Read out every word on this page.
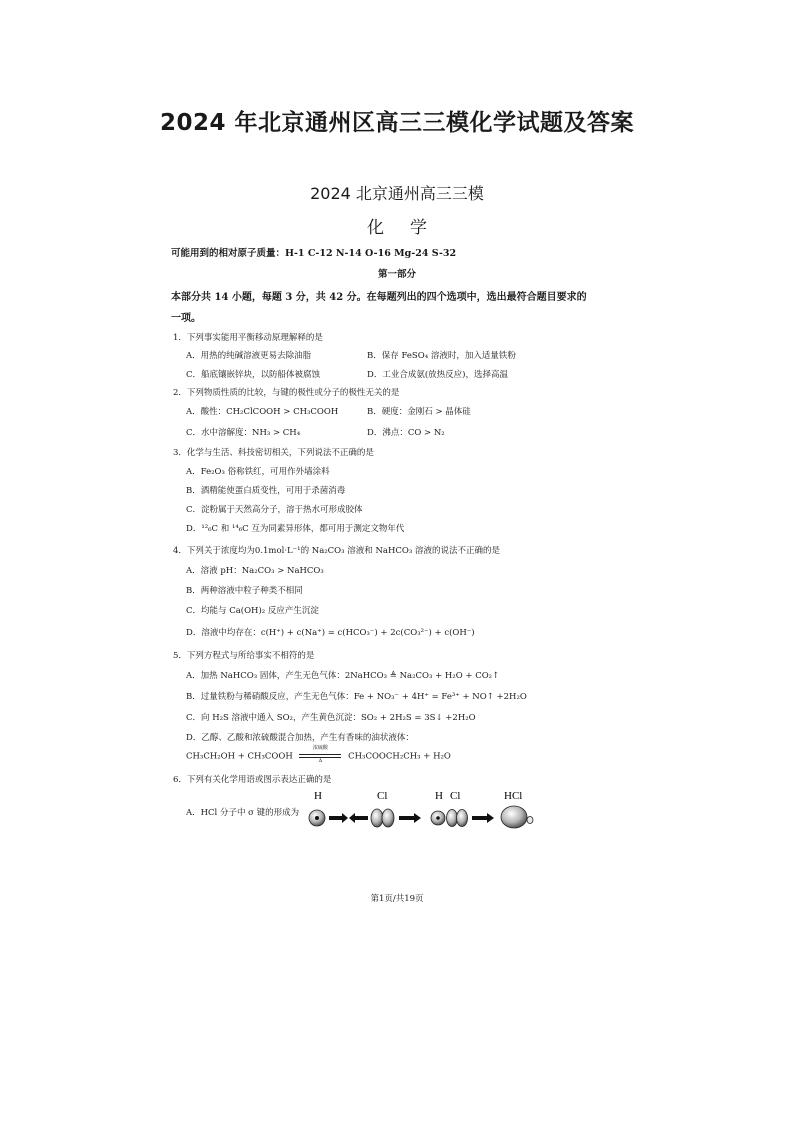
2024 年北京通州区高三三模化学试题及答案
2024 北京通州高三三模
化学
可能用到的相对原子质量：H-1 C-12 N-14 O-16 Mg-24 S-32
第一部分
本部分共 14 小题，每题 3 分，共 42 分。在每题列出的四个选项中，选出最符合题目要求的
一项。
1．下列事实能用平衡移动原理解释的是
A．用热的纯碱溶液更易去除油脂	B．保存 FeSO₄ 溶液时，加入适量铁粉
C．船底镶嵌锌块，以防船体被腐蚀	D．工业合成氨(放热反应)，选择高温
2．下列物质性质的比较，与键的极性或分子的极性无关的是
A．酸性：CH₂ClCOOH > CH₃COOH	B．硬度：金刚石 > 晶体硅
C．水中溶解度：NH₃ > CH₄	D．沸点：CO > N₂
3．化学与生活、科技密切相关，下列说法不正确的是
A．Fe₂O₃ 俗称铁红，可用作外墙涂料
B．酒精能使蛋白质变性，可用于杀菌消毒
C．淀粉属于天然高分子，溶于热水可形成胶体
D．¹²₆C 和 ¹⁴₆C 互为同素异形体，都可用于测定文物年代
4．下列关于浓度均为0.1mol·L⁻¹的 Na₂CO₃ 溶液和 NaHCO₃ 溶液的说法不正确的是
A．溶液 pH：Na₂CO₃ > NaHCO₃
B．两种溶液中粒子种类不相同
C．均能与 Ca(OH)₂ 反应产生沉淀
D．溶液中均存在：c(H⁺) + c(Na⁺) = c(HCO₃⁻) + 2c(CO₃²⁻) + c(OH⁻)
5．下列方程式与所给事实不相符的是
A．加热 NaHCO₃ 固体，产生无色气体：2NaHCO₃ ≜ Na₂CO₃ + H₂O + CO₂↑
B．过量铁粉与稀硝酸反应，产生无色气体：Fe + NO₃⁻ + 4H⁺ = Fe³⁺ + NO↑ +2H₂O
C．向 H₂S 溶液中通入 SO₂，产生黄色沉淀：SO₂ + 2H₂S = 3S↓ +2H₂O
D．乙醇、乙酸和浓硫酸混合加热，产生有香味的油状液体：
CH₃CH₂OH + CH₃COOH
浓硫酸
Δ	CH₃COOCH₂CH₃ + H₂O
6．下列有关化学用语或图示表达正确的是
A．HCl 分子中 σ 键的形成为
H	Cl	H Cl	HCl
第1页/共19页
